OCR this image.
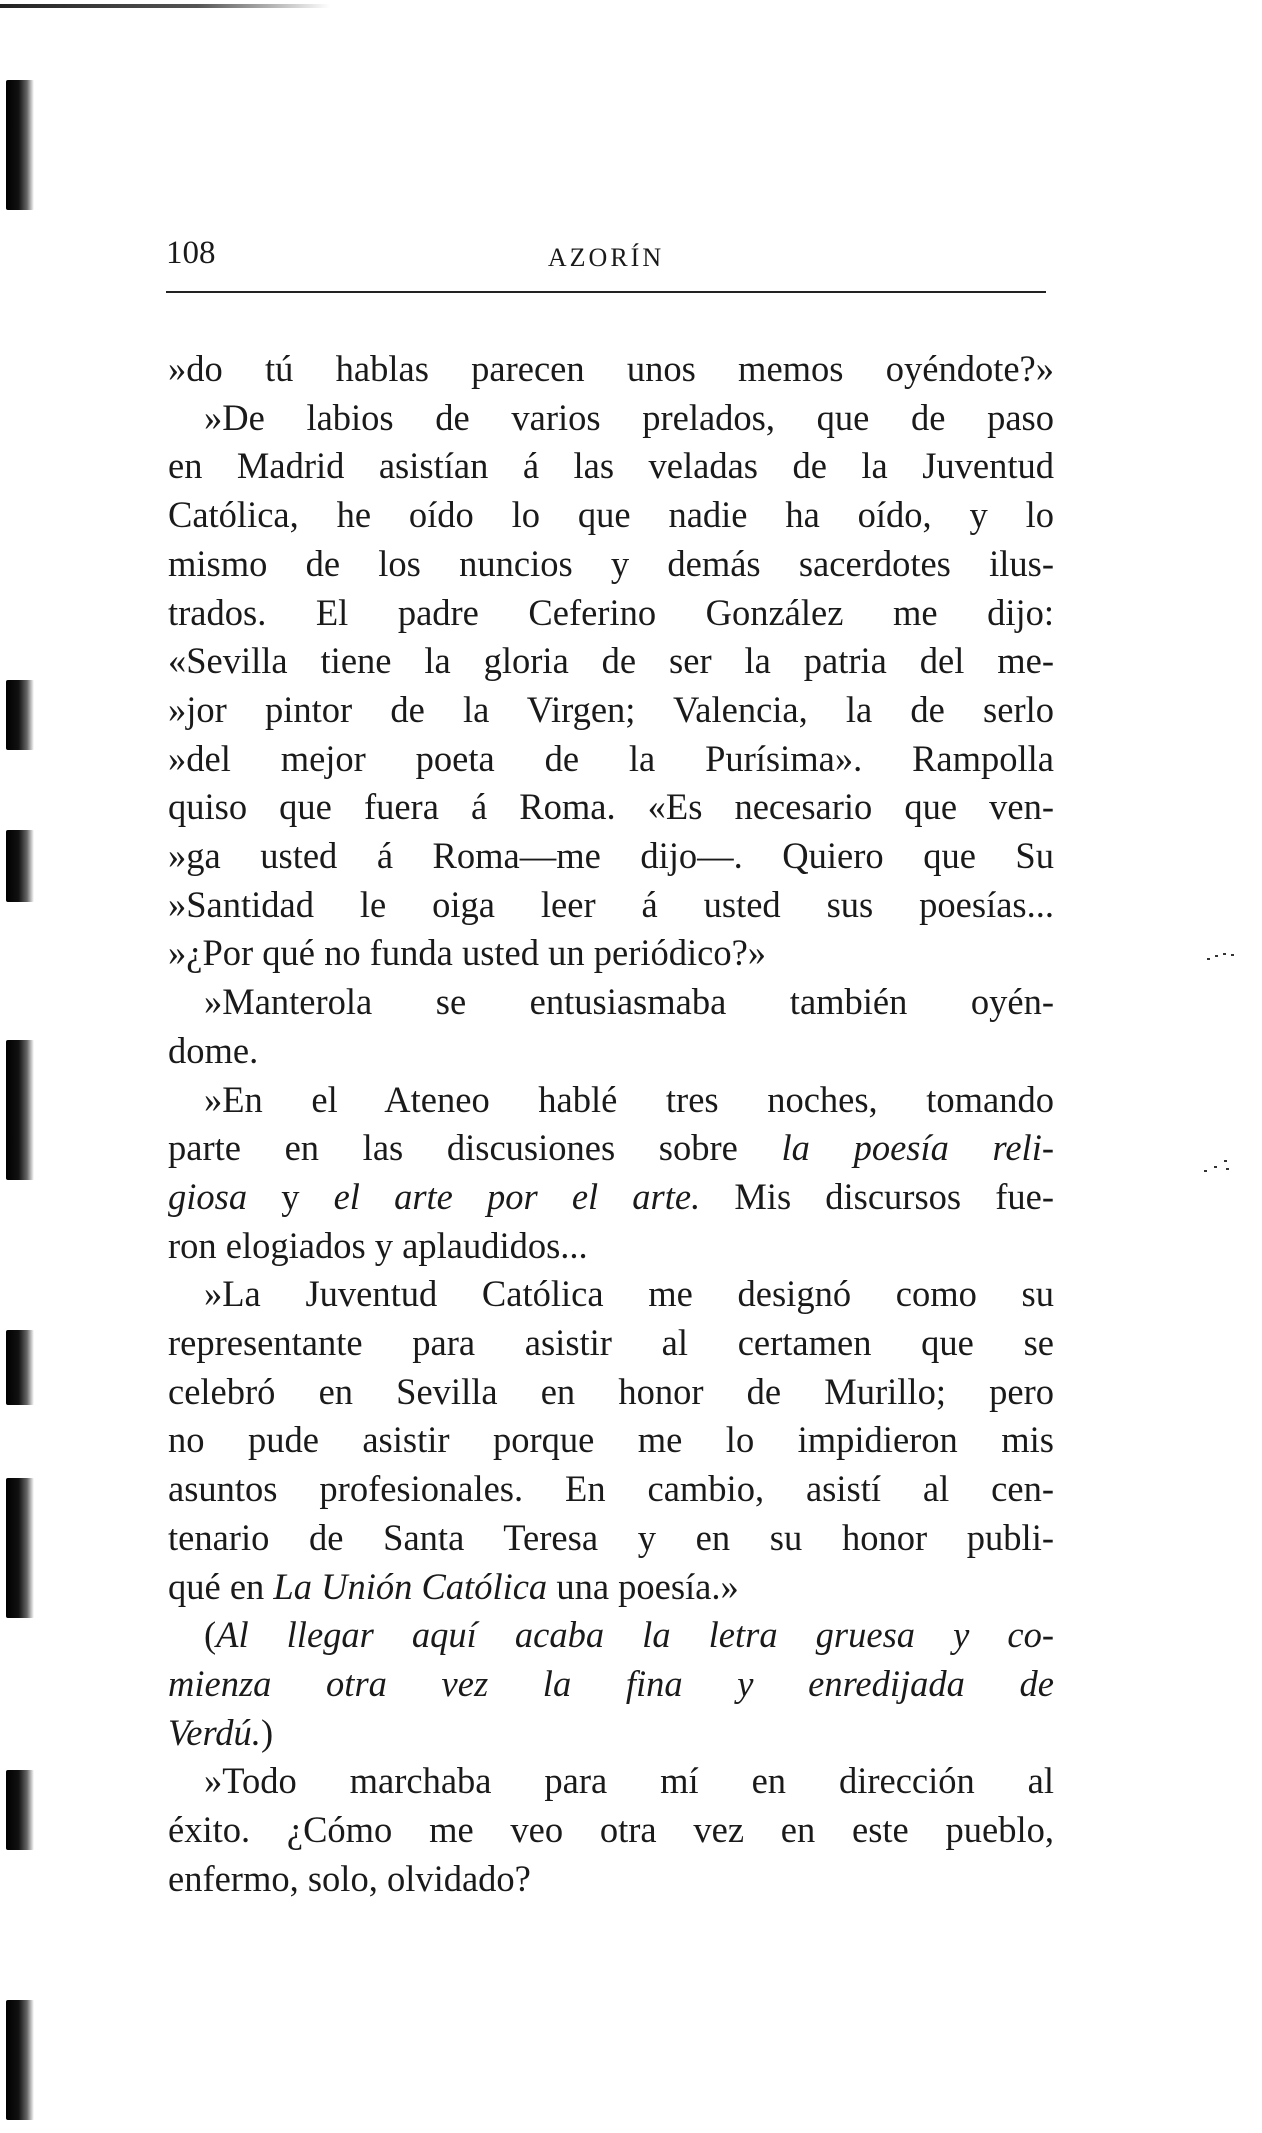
108	AZORÍN
»do tú hablas parecen unos memos oyéndote?»
»De labios de varios prelados, que de paso
en Madrid asistían á las veladas de la Juventud
Católica, he oído lo que nadie ha oído, y lo
mismo de los nuncios y demás sacerdotes ilus-
trados. El padre Ceferino González me dijo:
«Sevilla tiene la gloria de ser la patria del me-
»jor pintor de la Virgen; Valencia, la de serlo
»del mejor poeta de la Purísima». Rampolla
quiso que fuera á Roma. «Es necesario que ven-
»ga usted á Roma—me dijo—. Quiero que Su
»Santidad le oiga leer á usted sus poesías...
»¿Por qué no funda usted un periódico?»
»Manterola se entusiasmaba también oyén-
dome.
»En el Ateneo hablé tres noches, tomando
parte en las discusiones sobre la poesía reli-
giosa y el arte por el arte. Mis discursos fue-
ron elogiados y aplaudidos...
»La Juventud Católica me designó como su
representante para asistir al certamen que se
celebró en Sevilla en honor de Murillo; pero
no pude asistir porque me lo impidieron mis
asuntos profesionales. En cambio, asistí al cen-
tenario de Santa Teresa y en su honor publi-
qué en La Unión Católica una poesía.»
(Al llegar aquí acaba la letra gruesa y co-
mienza otra vez la fina y enredijada de
Verdú.)
»Todo marchaba para mí en dirección al
éxito. ¿Cómo me veo otra vez en este pueblo,
enfermo, solo, olvidado?
